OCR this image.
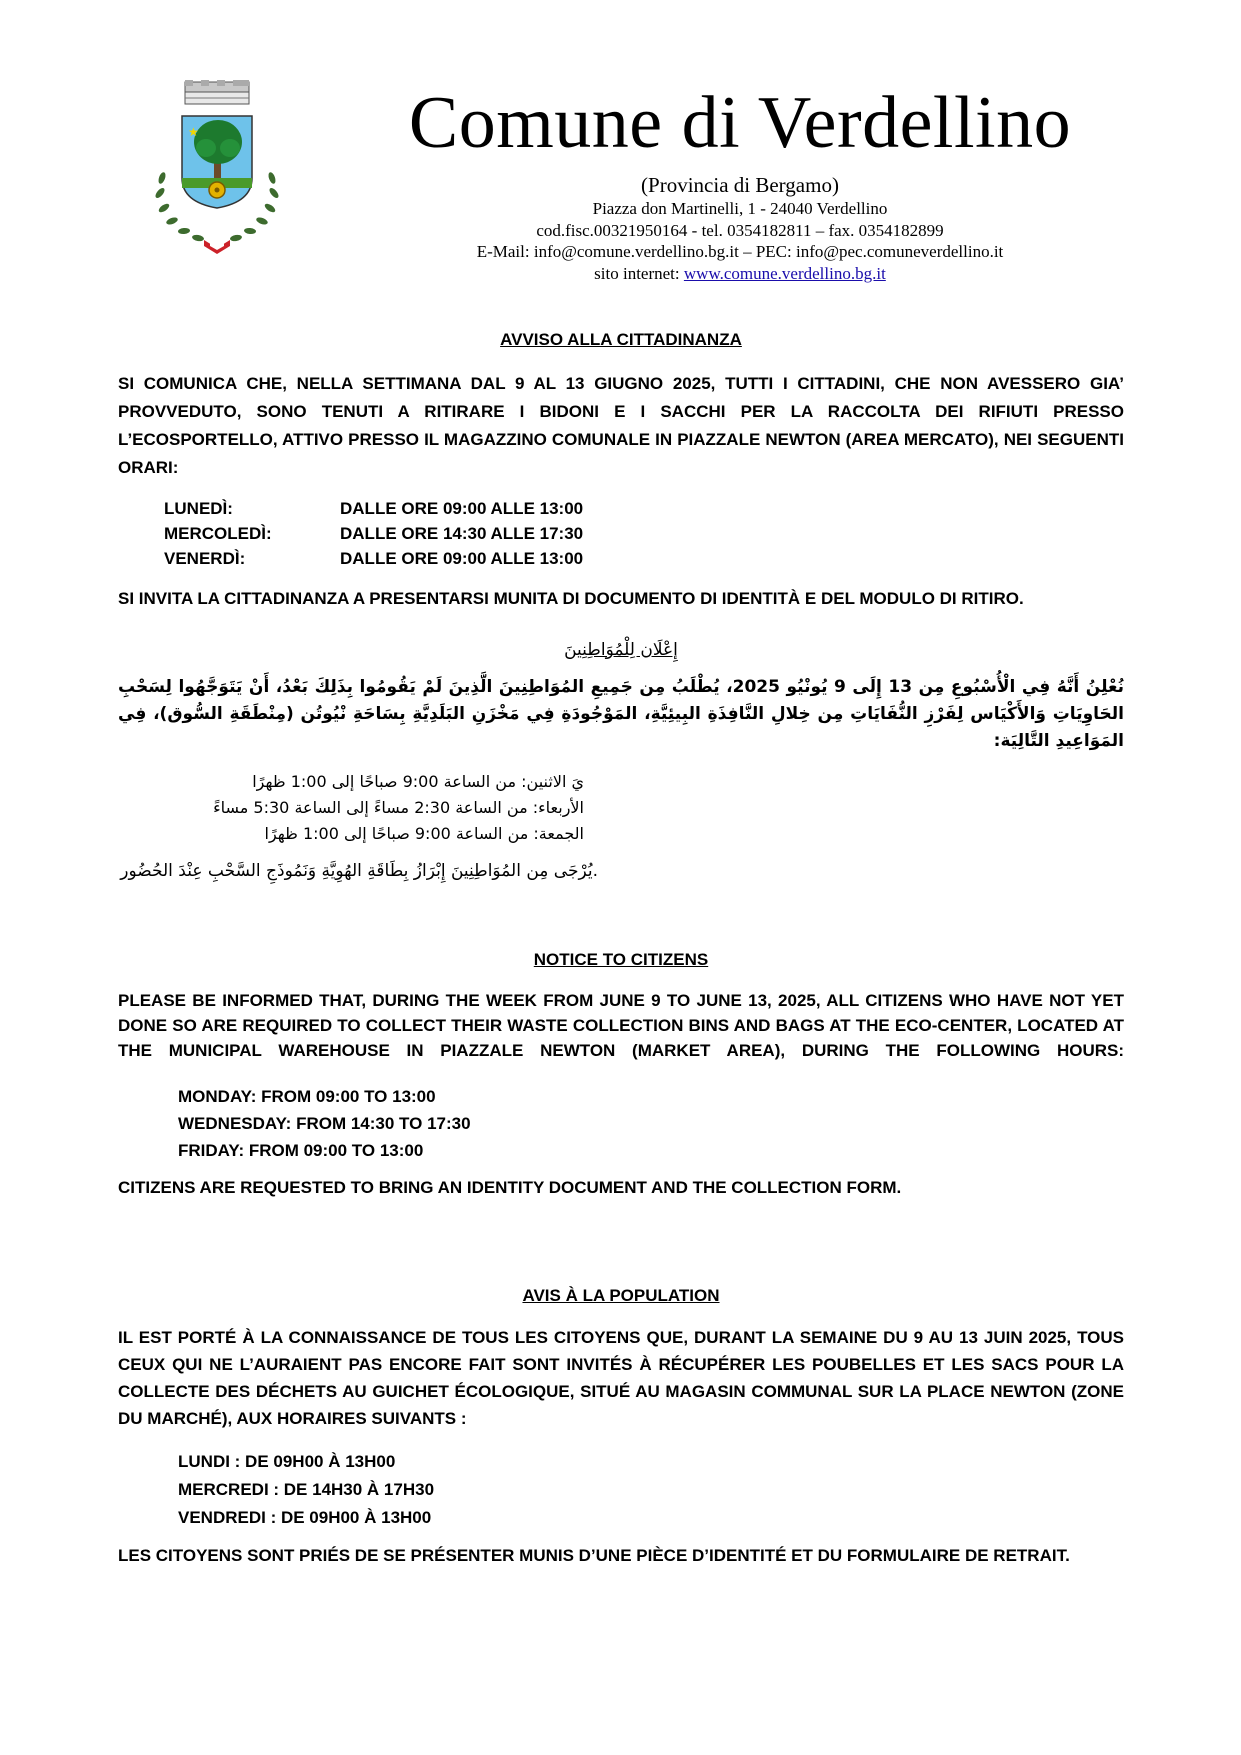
★	Comune di Verdellino
(Provincia di Bergamo)
Piazza don Martinelli, 1 - 24040 Verdellino
cod.fisc.00321950164 - tel. 0354182811 – fax. 0354182899
E-Mail: info@comune.verdellino.bg.it – PEC: info@pec.comuneverdellino.it
sito internet: www.comune.verdellino.bg.it
AVVISO ALLA CITTADINANZA
SI COMUNICA CHE, NELLA SETTIMANA DAL 9 AL 13 GIUGNO 2025, TUTTI I CITTADINI, CHE NON AVESSERO GIA’ PROVVEDUTO, SONO TENUTI A RITIRARE I BIDONI E I SACCHI PER LA RACCOLTA DEI RIFIUTI PRESSO L’ECOSPORTELLO, ATTIVO PRESSO IL MAGAZZINO COMUNALE IN PIAZZALE NEWTON (AREA MERCATO), NEI SEGUENTI ORARI:
LUNEDÌ:	DALLE ORE 09:00 ALLE 13:00
MERCOLEDÌ:	DALLE ORE 14:30 ALLE 17:30
VENERDÌ:	DALLE ORE 09:00 ALLE 13:00
SI INVITA LA CITTADINANZA A PRESENTARSI MUNITA DI DOCUMENTO DI IDENTITÀ E DEL MODULO DI RITIRO.
إِعْلَان لِلْمُوَاطِنِينَ
نُعْلِنُ أَنَّهُ فِي الْأُسْبُوعِ مِن 13 إِلَى 9 يُونْيُو 2025، يُطْلَبُ مِن جَمِيعِ المُوَاطِنِينَ الَّذِينَ لَمْ يَقُومُوا بِذَلِكَ بَعْدُ، أَنْ يَتَوَجَّهُوا لِسَحْبِ الحَاوِيَاتِ وَالأَكْيَاس لِفَرْزِ النُّفَايَاتِ مِن خِلالِ النَّافِذَةِ البِيئِيَّةِ، المَوْجُودَةِ فِي مَخْزَنِ البَلَدِيَّةِ بِسَاحَةِ نْيُوتُن (مِنْطَقَةِ السُّوق)، فِي المَوَاعِيدِ التَّالِيَة:
يَ الاثنين: من الساعة 9:00 صباحًا إلى 1:00 ظهرًا
الأربعاء: من الساعة 2:30 مساءً إلى الساعة 5:30 مساءً
الجمعة: من الساعة 9:00 صباحًا إلى 1:00 ظهرًا
.يُرْجَى مِن المُوَاطِنِينَ إِبْرَازُ بِطَاقَةِ الهُوِيَّةِ وَنَمُوذَجِ السَّحْبِ عِنْدَ الحُضُور
NOTICE TO CITIZENS
PLEASE BE INFORMED THAT, DURING THE WEEK FROM JUNE 9 TO JUNE 13, 2025, ALL CITIZENS WHO HAVE NOT YET DONE SO ARE REQUIRED TO COLLECT THEIR WASTE COLLECTION BINS AND BAGS AT THE ECO-CENTER, LOCATED AT THE MUNICIPAL WAREHOUSE IN PIAZZALE NEWTON (MARKET AREA), DURING THE FOLLOWING HOURS:
MONDAY: FROM 09:00 TO 13:00
WEDNESDAY: FROM 14:30 TO 17:30
FRIDAY: FROM 09:00 TO 13:00
CITIZENS ARE REQUESTED TO BRING AN IDENTITY DOCUMENT AND THE COLLECTION FORM.
AVIS À LA POPULATION
IL EST PORTÉ À LA CONNAISSANCE DE TOUS LES CITOYENS QUE, DURANT LA SEMAINE DU 9 AU 13 JUIN 2025, TOUS CEUX QUI NE L’AURAIENT PAS ENCORE FAIT SONT INVITÉS À RÉCUPÉRER LES POUBELLES ET LES SACS POUR LA COLLECTE DES DÉCHETS AU GUICHET ÉCOLOGIQUE, SITUÉ AU MAGASIN COMMUNAL SUR LA PLACE NEWTON (ZONE DU MARCHÉ), AUX HORAIRES SUIVANTS :
LUNDI : DE 09H00 À 13H00
MERCREDI : DE 14H30 À 17H30
VENDREDI : DE 09H00 À 13H00
LES CITOYENS SONT PRIÉS DE SE PRÉSENTER MUNIS D’UNE PIÈCE D’IDENTITÉ ET DU FORMULAIRE DE RETRAIT.
